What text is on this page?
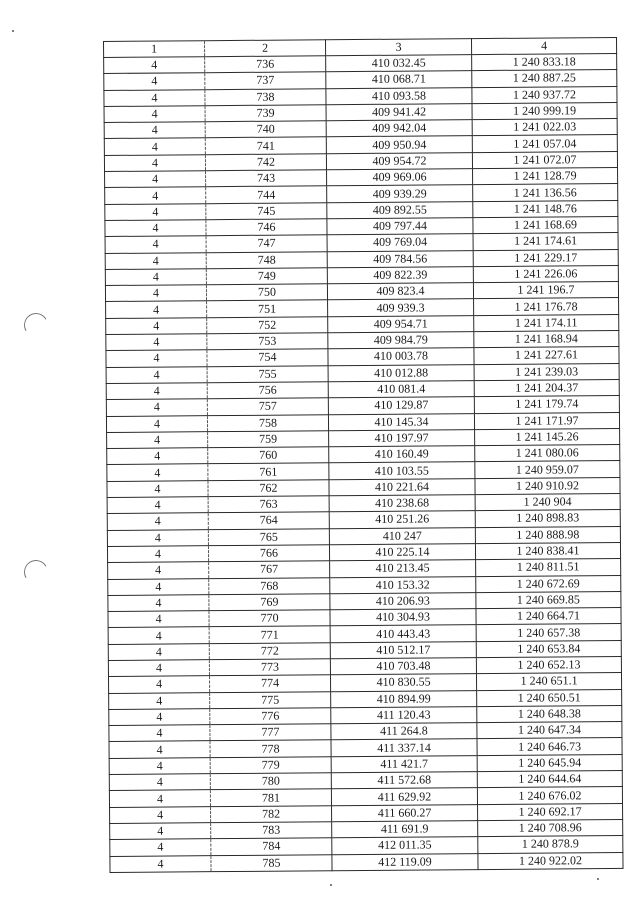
1	2	3	4
4	736	410 032.45	1 240 833.18
4	737	410 068.71	1 240 887.25
4	738	410 093.58	1 240 937.72
4	739	409 941.42	1 240 999.19
4	740	409 942.04	1 241 022.03
4	741	409 950.94	1 241 057.04
4	742	409 954.72	1 241 072.07
4	743	409 969.06	1 241 128.79
4	744	409 939.29	1 241 136.56
4	745	409 892.55	1 241 148.76
4	746	409 797.44	1 241 168.69
4	747	409 769.04	1 241 174.61
4	748	409 784.56	1 241 229.17
4	749	409 822.39	1 241 226.06
4	750	409 823.4	1 241 196.7
4	751	409 939.3	1 241 176.78
4	752	409 954.71	1 241 174.11
4	753	409 984.79	1 241 168.94
4	754	410 003.78	1 241 227.61
4	755	410 012.88	1 241 239.03
4	756	410 081.4	1 241 204.37
4	757	410 129.87	1 241 179.74
4	758	410 145.34	1 241 171.97
4	759	410 197.97	1 241 145.26
4	760	410 160.49	1 241 080.06
4	761	410 103.55	1 240 959.07
4	762	410 221.64	1 240 910.92
4	763	410 238.68	1 240 904
4	764	410 251.26	1 240 898.83
4	765	410 247	1 240 888.98
4	766	410 225.14	1 240 838.41
4	767	410 213.45	1 240 811.51
4	768	410 153.32	1 240 672.69
4	769	410 206.93	1 240 669.85
4	770	410 304.93	1 240 664.71
4	771	410 443.43	1 240 657.38
4	772	410 512.17	1 240 653.84
4	773	410 703.48	1 240 652.13
4	774	410 830.55	1 240 651.1
4	775	410 894.99	1 240 650.51
4	776	411 120.43	1 240 648.38
4	777	411 264.8	1 240 647.34
4	778	411 337.14	1 240 646.73
4	779	411 421.7	1 240 645.94
4	780	411 572.68	1 240 644.64
4	781	411 629.92	1 240 676.02
4	782	411 660.27	1 240 692.17
4	783	411 691.9	1 240 708.96
4	784	412 011.35	1 240 878.9
4	785	412 119.09	1 240 922.02
